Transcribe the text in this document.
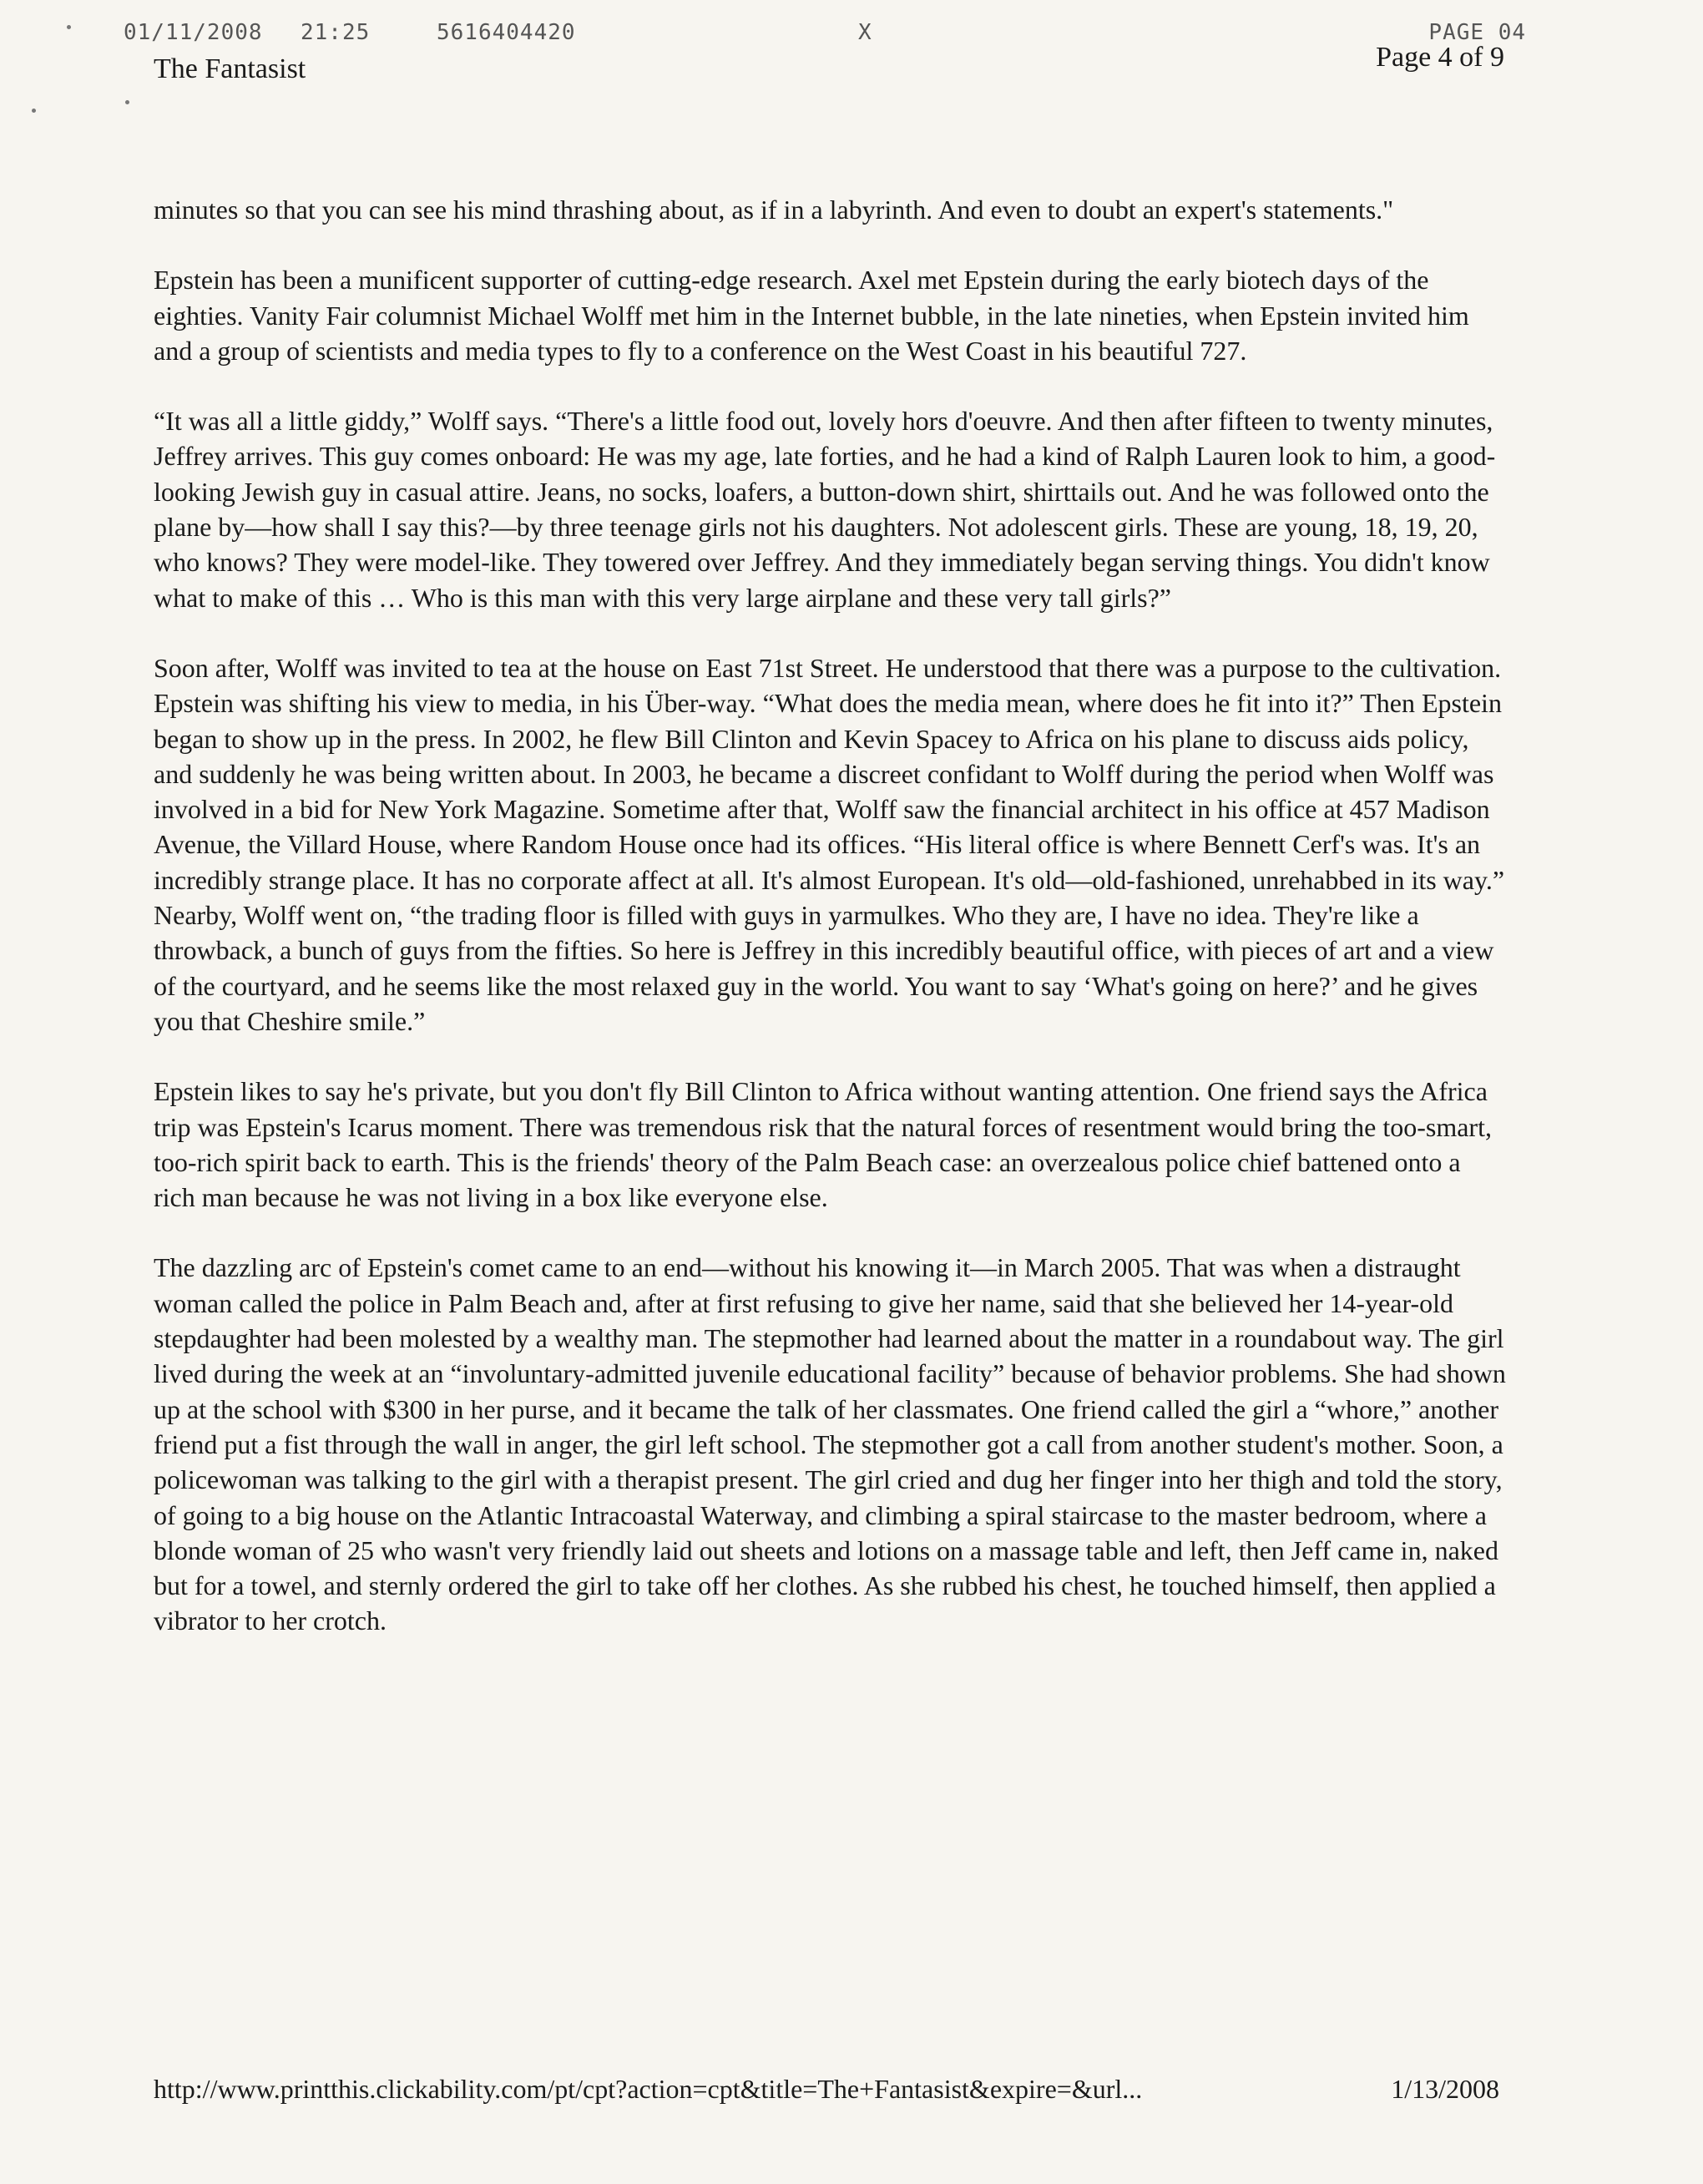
01/11/2008 21:25	5616404420	X	PAGE 04
The Fantasist	Page 4 of 9

minutes so that you can see his mind thrashing about, as if in a labyrinth. And even to doubt an expert's statements."

Epstein has been a munificent supporter of cutting-edge research. Axel met Epstein during the early biotech days of the eighties. Vanity Fair columnist Michael Wolff met him in the Internet bubble, in the late nineties, when Epstein invited him and a group of scientists and media types to fly to a conference on the West Coast in his beautiful 727.

“It was all a little giddy,” Wolff says. “There's a little food out, lovely hors d'oeuvre. And then after fifteen to twenty minutes, Jeffrey arrives. This guy comes onboard: He was my age, late forties, and he had a kind of Ralph Lauren look to him, a good-looking Jewish guy in casual attire. Jeans, no socks, loafers, a button-down shirt, shirttails out. And he was followed onto the plane by—how shall I say this?—by three teenage girls not his daughters. Not adolescent girls. These are young, 18, 19, 20, who knows? They were model-like. They towered over Jeffrey. And they immediately began serving things. You didn't know what to make of this … Who is this man with this very large airplane and these very tall girls?”

Soon after, Wolff was invited to tea at the house on East 71st Street. He understood that there was a purpose to the cultivation. Epstein was shifting his view to media, in his Über-way. “What does the media mean, where does he fit into it?” Then Epstein began to show up in the press. In 2002, he flew Bill Clinton and Kevin Spacey to Africa on his plane to discuss aids policy, and suddenly he was being written about. In 2003, he became a discreet confidant to Wolff during the period when Wolff was involved in a bid for New York Magazine. Sometime after that, Wolff saw the financial architect in his office at 457 Madison Avenue, the Villard House, where Random House once had its offices. “His literal office is where Bennett Cerf's was. It's an incredibly strange place. It has no corporate affect at all. It's almost European. It's old—old-fashioned, unrehabbed in its way.” Nearby, Wolff went on, “the trading floor is filled with guys in yarmulkes. Who they are, I have no idea. They're like a throwback, a bunch of guys from the fifties. So here is Jeffrey in this incredibly beautiful office, with pieces of art and a view of the courtyard, and he seems like the most relaxed guy in the world. You want to say ‘What's going on here?’ and he gives you that Cheshire smile.”

Epstein likes to say he's private, but you don't fly Bill Clinton to Africa without wanting attention. One friend says the Africa trip was Epstein's Icarus moment. There was tremendous risk that the natural forces of resentment would bring the too-smart, too-rich spirit back to earth. This is the friends' theory of the Palm Beach case: an overzealous police chief battened onto a rich man because he was not living in a box like everyone else.

The dazzling arc of Epstein's comet came to an end—without his knowing it—in March 2005. That was when a distraught woman called the police in Palm Beach and, after at first refusing to give her name, said that she believed her 14-year-old stepdaughter had been molested by a wealthy man. The stepmother had learned about the matter in a roundabout way. The girl lived during the week at an “involuntary-admitted juvenile educational facility” because of behavior problems. She had shown up at the school with $300 in her purse, and it became the talk of her classmates. One friend called the girl a “whore,” another friend put a fist through the wall in anger, the girl left school. The stepmother got a call from another student's mother. Soon, a policewoman was talking to the girl with a therapist present. The girl cried and dug her finger into her thigh and told the story, of going to a big house on the Atlantic Intracoastal Waterway, and climbing a spiral staircase to the master bedroom, where a blonde woman of 25 who wasn't very friendly laid out sheets and lotions on a massage table and left, then Jeff came in, naked but for a towel, and sternly ordered the girl to take off her clothes. As she rubbed his chest, he touched himself, then applied a vibrator to her crotch.

http://www.printthis.clickability.com/pt/cpt?action=cpt&title=The+Fantasist&expire=&url...	1/13/2008
